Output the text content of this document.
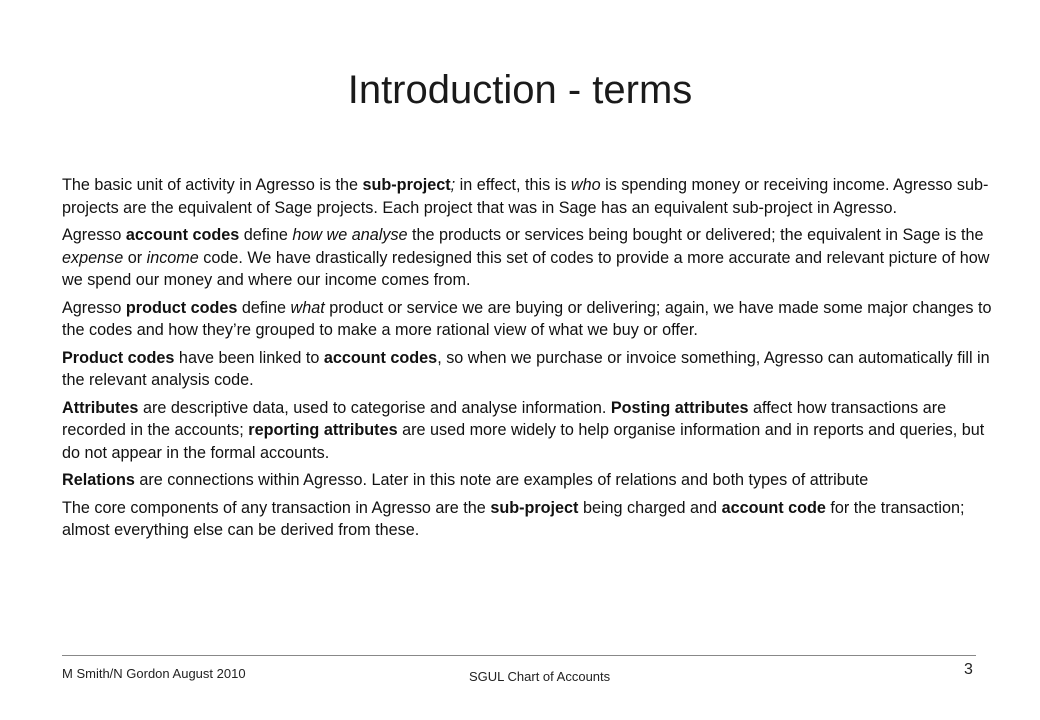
Introduction - terms

The basic unit of activity in Agresso is the sub-project; in effect, this is who is spending money or receiving income. Agresso sub-projects are the equivalent of Sage projects. Each project that was in Sage has an equivalent sub-project in Agresso.

Agresso account codes define how we analyse the products or services being bought or delivered; the equivalent in Sage is the expense or income code. We have drastically redesigned this set of codes to provide a more accurate and relevant picture of how we spend our money and where our income comes from.

Agresso product codes define what product or service we are buying or delivering; again, we have made some major changes to the codes and how they’re grouped to make a more rational view of what we buy or offer.

Product codes have been linked to account codes, so when we purchase or invoice something, Agresso can automatically fill in the relevant analysis code.

Attributes are descriptive data, used to categorise and analyse information. Posting attributes affect how transactions are recorded in the accounts; reporting attributes are used more widely to help organise information and in reports and queries, but do not appear in the formal accounts.

Relations are connections within Agresso. Later in this note are examples of relations and both types of attribute

The core components of any transaction in Agresso are the sub-project being charged and account code for the transaction; almost everything else can be derived from these.

M Smith/N Gordon August 2010	SGUL Chart of Accounts	3
